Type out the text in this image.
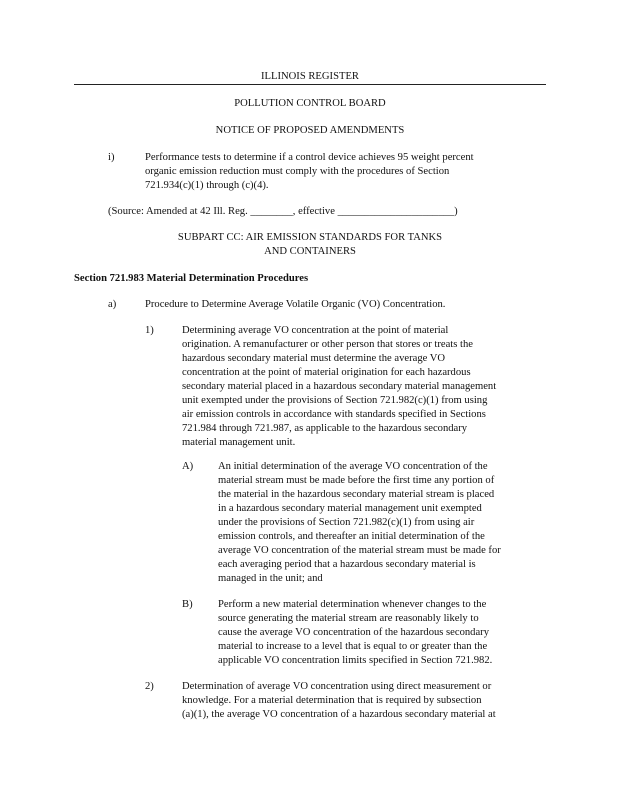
ILLINOIS REGISTER
POLLUTION CONTROL BOARD
NOTICE OF PROPOSED AMENDMENTS
i)	Performance tests to determine if a control device achieves 95 weight percent
organic emission reduction must comply with the procedures of Section
721.934(c)(1) through (c)(4).
(Source: Amended at 42 Ill. Reg. ________, effective ______________________)
SUBPART CC: AIR EMISSION STANDARDS FOR TANKS
AND CONTAINERS
Section 721.983 Material Determination Procedures
a)	Procedure to Determine Average Volatile Organic (VO) Concentration.
1)	Determining average VO concentration at the point of material
origination. A remanufacturer or other person that stores or treats the
hazardous secondary material must determine the average VO
concentration at the point of material origination for each hazardous
secondary material placed in a hazardous secondary material management
unit exempted under the provisions of Section 721.982(c)(1) from using
air emission controls in accordance with standards specified in Sections
721.984 through 721.987, as applicable to the hazardous secondary
material management unit.
A) An initial determination of the average VO concentration of the
material stream must be made before the first time any portion of
the material in the hazardous secondary material stream is placed
in a hazardous secondary material management unit exempted
under the provisions of Section 721.982(c)(1) from using air
emission controls, and thereafter an initial determination of the
average VO concentration of the material stream must be made for
each averaging period that a hazardous secondary material is
managed in the unit; and
B) Perform a new material determination whenever changes to the
source generating the material stream are reasonably likely to
cause the average VO concentration of the hazardous secondary
material to increase to a level that is equal to or greater than the
applicable VO concentration limits specified in Section 721.982.
2)	Determination of average VO concentration using direct measurement or
knowledge. For a material determination that is required by subsection
(a)(1), the average VO concentration of a hazardous secondary material at
